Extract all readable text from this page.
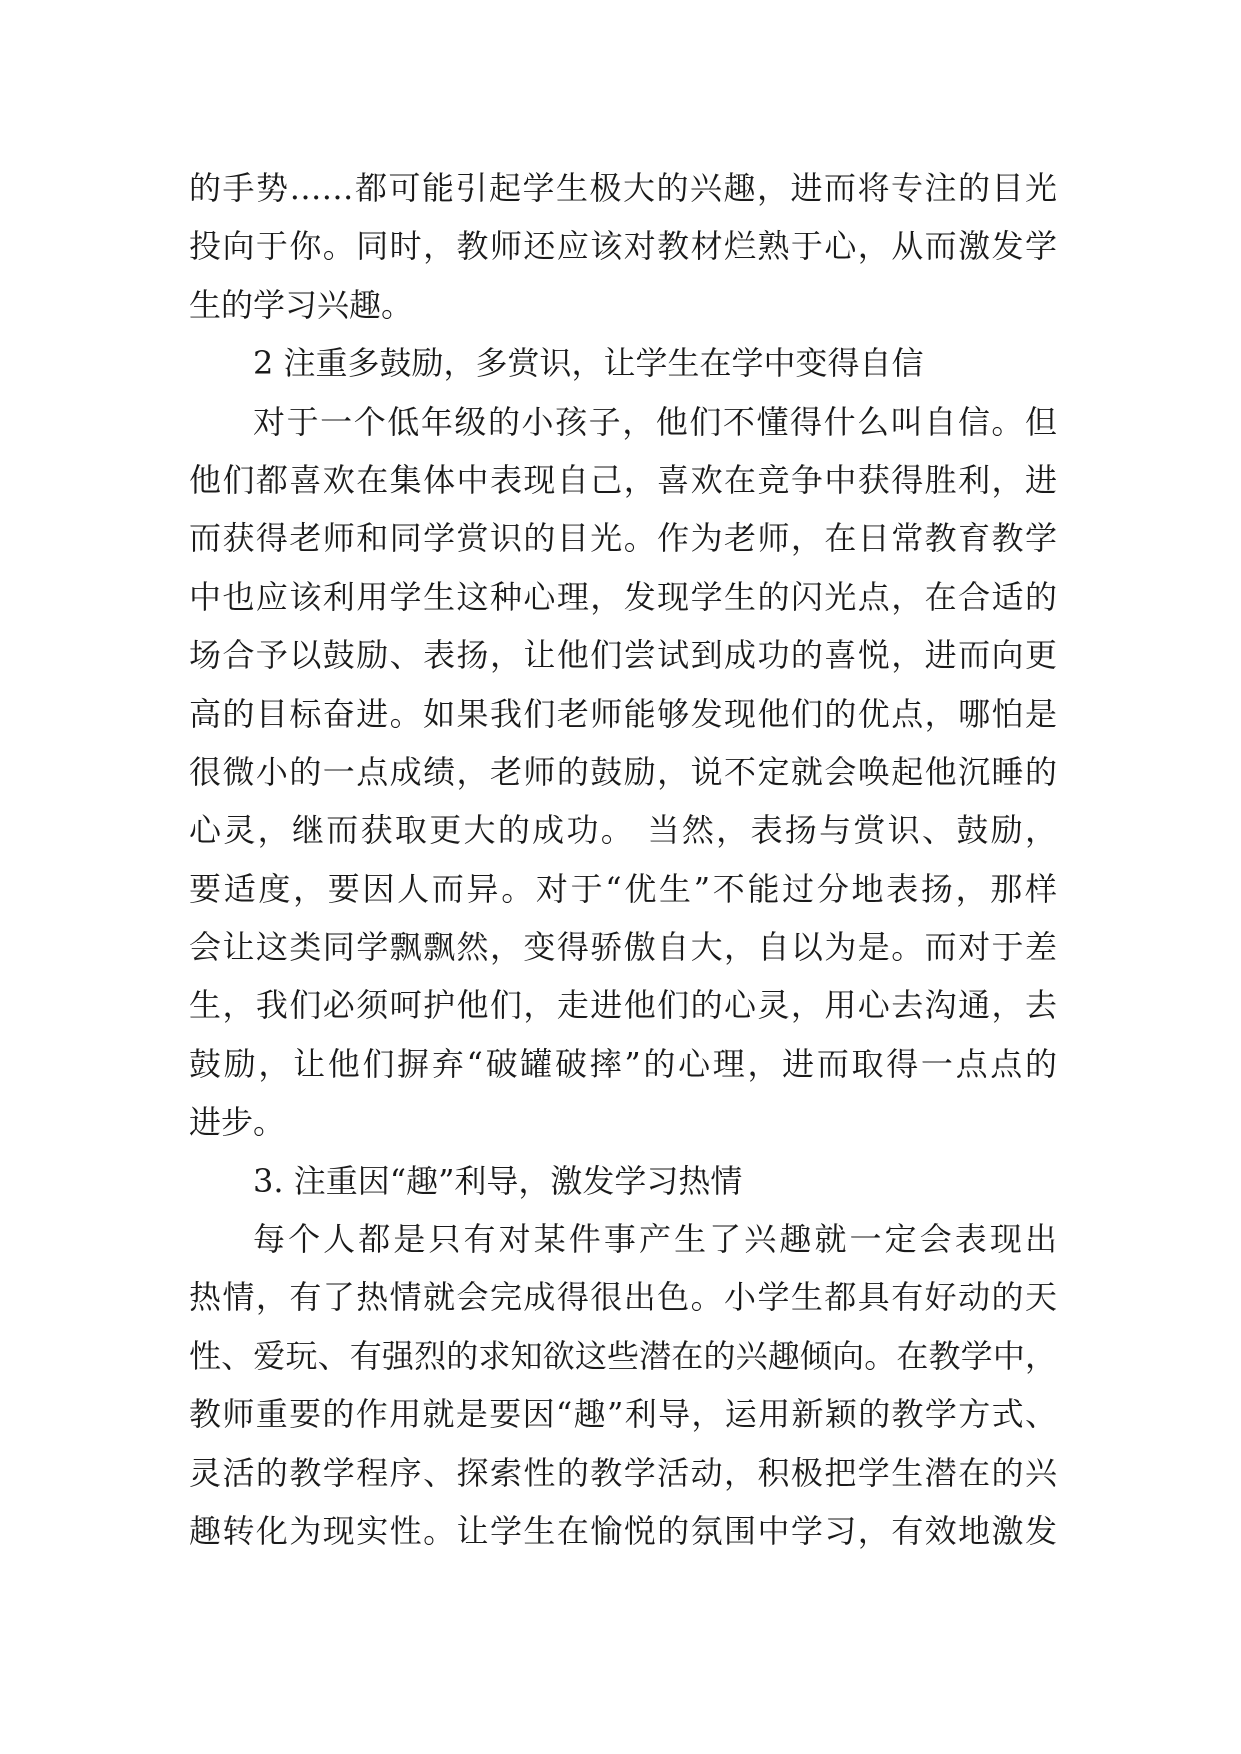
的手势……都可能引起学生极大的兴趣，进而将专注的目光
投向于你。同时，教师还应该对教材烂熟于心，从而激发学
生的学习兴趣。
2 注重多鼓励，多赏识，让学生在学中变得自信
对于一个低年级的小孩子，他们不懂得什么叫自信。但
他们都喜欢在集体中表现自己，喜欢在竞争中获得胜利，进
而获得老师和同学赏识的目光。作为老师，在日常教育教学
中也应该利用学生这种心理，发现学生的闪光点，在合适的
场合予以鼓励、表扬，让他们尝试到成功的喜悦，进而向更
高的目标奋进。如果我们老师能够发现他们的优点，哪怕是
很微小的一点成绩，老师的鼓励，说不定就会唤起他沉睡的
心灵，继而获取更大的成功。 当然，表扬与赏识、鼓励，
要适度，要因人而异。对于“优生”不能过分地表扬，那样
会让这类同学飘飘然，变得骄傲自大，自以为是。而对于差
生，我们必须呵护他们，走进他们的心灵，用心去沟通，去
鼓励，让他们摒弃“破罐破摔”的心理，进而取得一点点的
进步。
3. 注重因“趣”利导，激发学习热情
每个人都是只有对某件事产生了兴趣就一定会表现出
热情，有了热情就会完成得很出色。小学生都具有好动的天
性、爱玩、有强烈的求知欲这些潜在的兴趣倾向。在教学中，
教师重要的作用就是要因“趣”利导，运用新颖的教学方式、
灵活的教学程序、探索性的教学活动，积极把学生潜在的兴
趣转化为现实性。让学生在愉悦的氛围中学习，有效地激发
